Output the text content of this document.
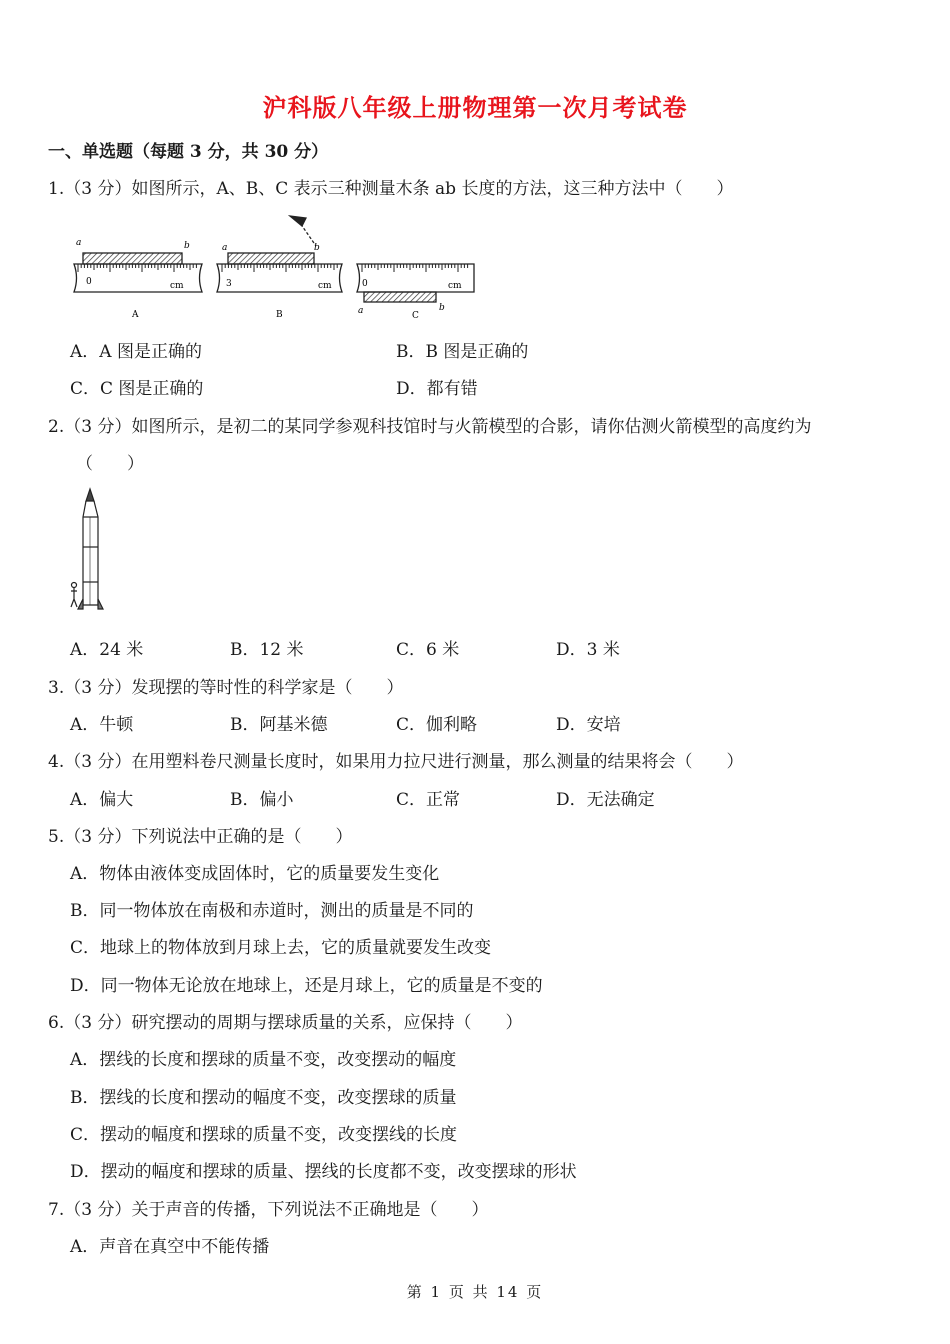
沪科版八年级上册物理第一次月考试卷
一、单选题（每题 3 分，共 30 分）
1.（3 分）如图所示，A、B、C 表示三种测量木条 ab 长度的方法，这三种方法中（　　）
a	b
0	cm
A
a	b
3	cm
B
0	cm
a	b
C
A．A 图是正确的	B．B 图是正确的
C．C 图是正确的	D．都有错
2.（3 分）如图所示，是初二的某同学参观科技馆时与火箭模型的合影，请你估测火箭模型的高度约为
（　　）
A．24 米	B．12 米	C．6 米	D．3 米
3.（3 分）发现摆的等时性的科学家是（　　）
A．牛顿	B．阿基米德	C．伽利略	D．安培
4.（3 分）在用塑料卷尺测量长度时，如果用力拉尺进行测量，那么测量的结果将会（　　）
A．偏大	B．偏小	C．正常	D．无法确定
5.（3 分）下列说法中正确的是（　　）
A．物体由液体变成固体时，它的质量要发生变化
B．同一物体放在南极和赤道时，测出的质量是不同的
C．地球上的物体放到月球上去，它的质量就要发生改变
D．同一物体无论放在地球上，还是月球上，它的质量是不变的
6.（3 分）研究摆动的周期与摆球质量的关系，应保持（　　）
A．摆线的长度和摆球的质量不变，改变摆动的幅度
B．摆线的长度和摆动的幅度不变，改变摆球的质量
C．摆动的幅度和摆球的质量不变，改变摆线的长度
D．摆动的幅度和摆球的质量、摆线的长度都不变，改变摆球的形状
7.（3 分）关于声音的传播，下列说法不正确地是（　　）
A．声音在真空中不能传播
第 1 页 共 14 页
